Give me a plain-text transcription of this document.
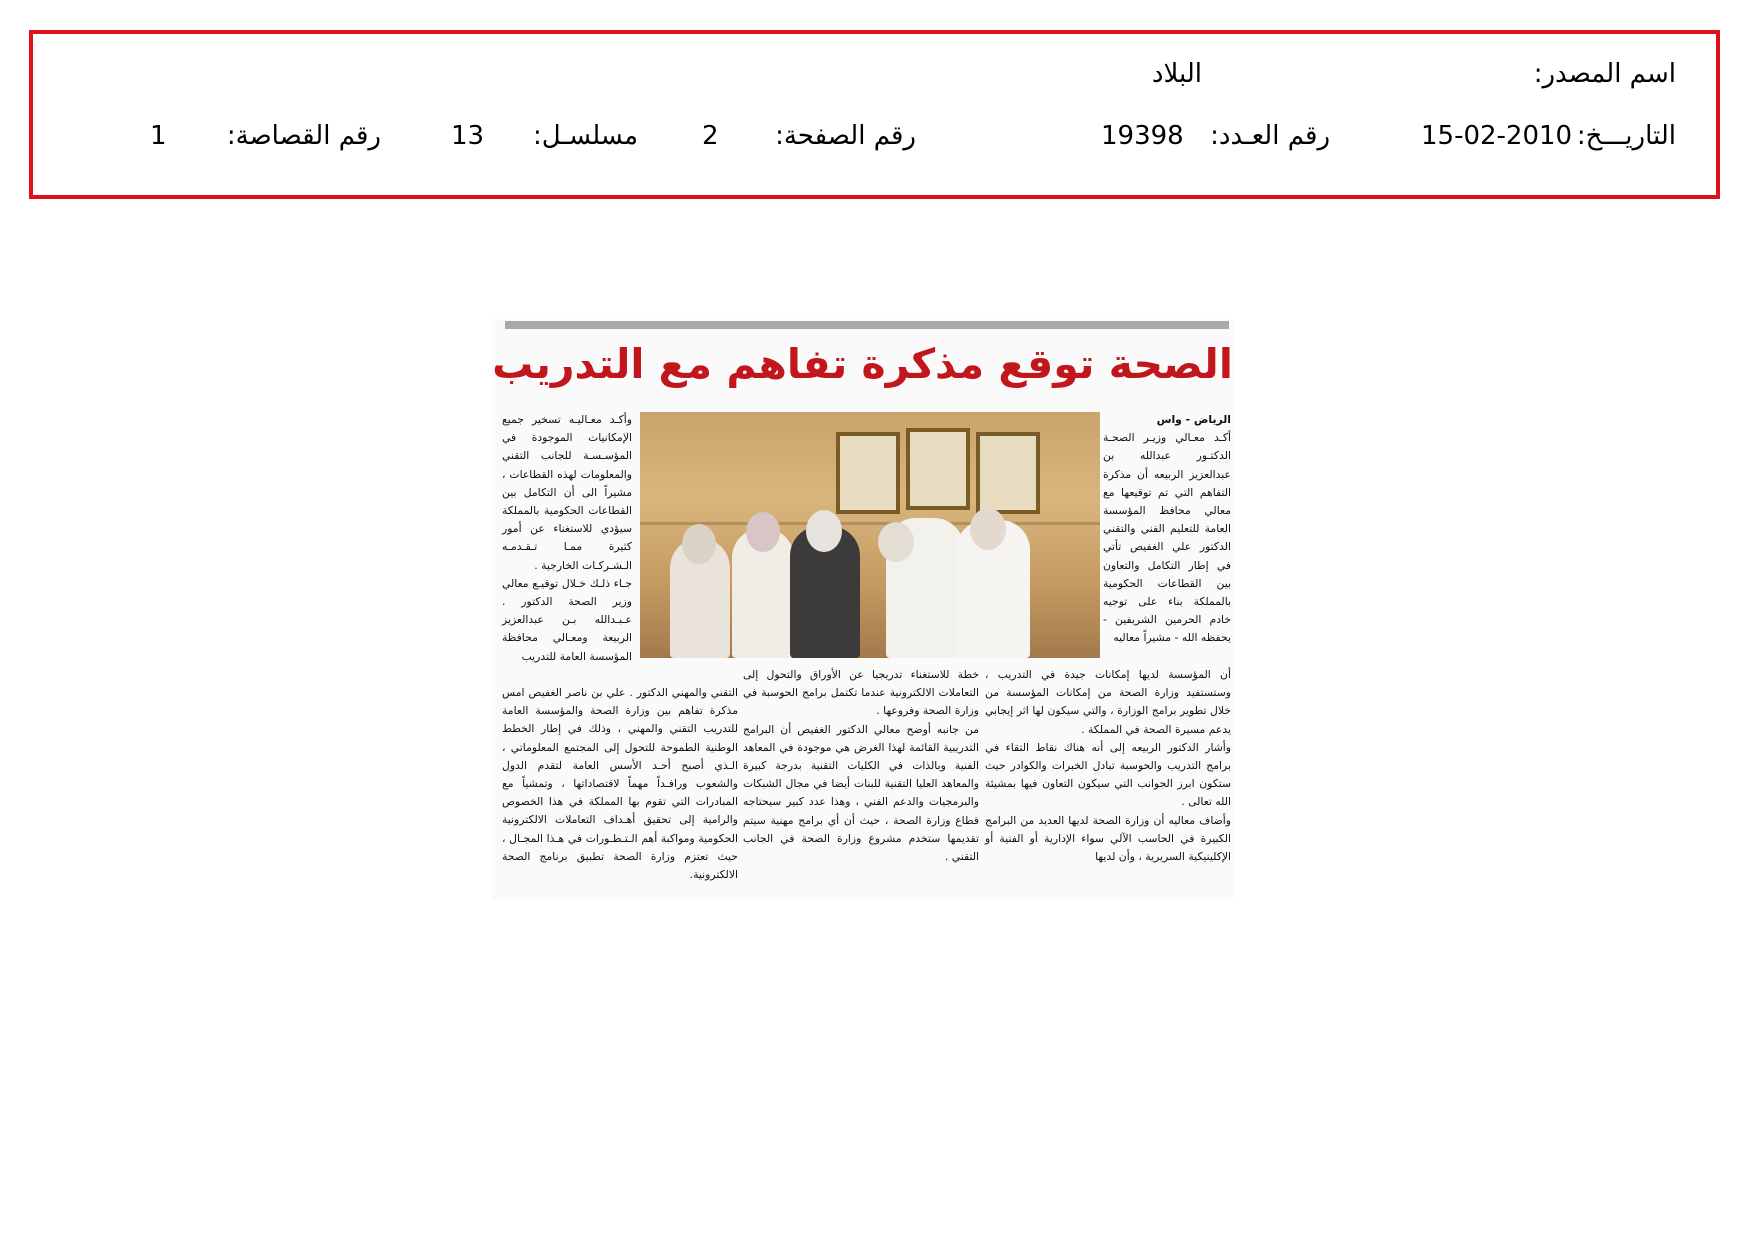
اسم المصدر:
البلاد
التاريـــخ:
15-02-2010
رقم العـدد:
19398
رقم الصفحة:
2
مسلسـل:
13
رقم القصاصة:
1
الصحة توقع مذكرة تفاهم مع التدريب

الرياض - واس

أكـد معـالي وزيـر الصحـة الدكتـور عبدالله بن عبدالعزيز الربيعه أن مذكرة التفاهم التي تم توقيعها مع معالي محافظ المؤسسة العامة للتعليم الفني والتقني الدكتور علي الغفيص تأتي في إطار التكامل والتعاون بين القطاعات الحكومية بالمملكة بناء على توجيه خادم الحرمين الشريفين - يحفظه الله - مشيراً معاليه

وأكـد معـاليـه تسخير جميع الإمكانيات الموجودة في المؤسـسـة للجانب التقني والمعلومات لهذه القطاعات ، مشيراً الى أن التكامل بين القطاعات الحكومية بالمملكة سيؤدي للاستغناء عن أمور كثيرة ممـا تـقـدمـه الـشـركـات الخارجية .

جـاء ذلـك خـلال توقيـع معالي وزير الصحة الدكتور . عـبـدالله بـن عبدالعزيز الربيعة ومعـالي محافظة المؤسسة العامة للتدريب

أن المؤسسة لديها إمكانات جيدة في التدريب ، وستستفيد وزارة الصحة من إمكانات المؤسسة من خلال تطوير برامج الوزارة ، والتي سيكون لها اثر إيجابي يدعم مسيرة الصحة في المملكة .

وأشار الدكتور الربيعه إلى أنه هناك نقاط التقاء في برامج التدريب والحوسبة تبادل الخبرات والكوادر حيث ستكون ابرز الجوانب التي سيكون التعاون فيها بمشيئة الله تعالى .

وأضاف معاليه أن وزارة الصحة لديها العديد من البرامج الكبيرة في الحاسب الآلي سواء الإدارية أو الفنية أو الإكلينيكية السريرية ، وأن لديها

خطة للاستغناء تدريجيا عن الأوراق والتحول إلى التعاملات الالكترونية عندما تكتمل برامج الحوسبة في وزارة الصحة وفروعها .

من جانبه أوضح معالي الدكتور الغفيص أن البرامج التدريبية القائمة لهذا الغرض هي موجودة في المعاهد الفنية وبالذات في الكليات التقنية بدرجة كبيرة والمعاهد العليا التقنية للبنات أيضا في مجال الشبكات والبرمجيات والدعم الفني ، وهذا عدد كبير سيحتاجه قطاع وزارة الصحة ، حيث أن أي برامج مهنية سيتم تقديمها ستخدم مشروع وزارة الصحة في الجانب التقني .

التقني والمهني الدكتور . علي بن ناصر الغفيص امس مذكرة تفاهم بين وزارة الصحة والمؤسسة العامة للتدريب التقني والمهني ، وذلك في إطار الخطط الوطنية الطموحة للتحول إلى المجتمع المعلوماتي ، الـذي أصبح أحـد الأسس العامة لتقدم الدول والشعوب ورافـداً مهماً لاقتصاداتها ، وتمشياً مع المبادرات التي تقوم بها المملكة في هذا الخصوص والرامية إلى تحقيق أهـداف التعاملات الالكترونية الحكومية ومواكبة أهم الـتـطـورات في هـذا المجـال ، حيث تعتزم وزارة الصحة تطبيق برنامج الصحة الالكترونية.
